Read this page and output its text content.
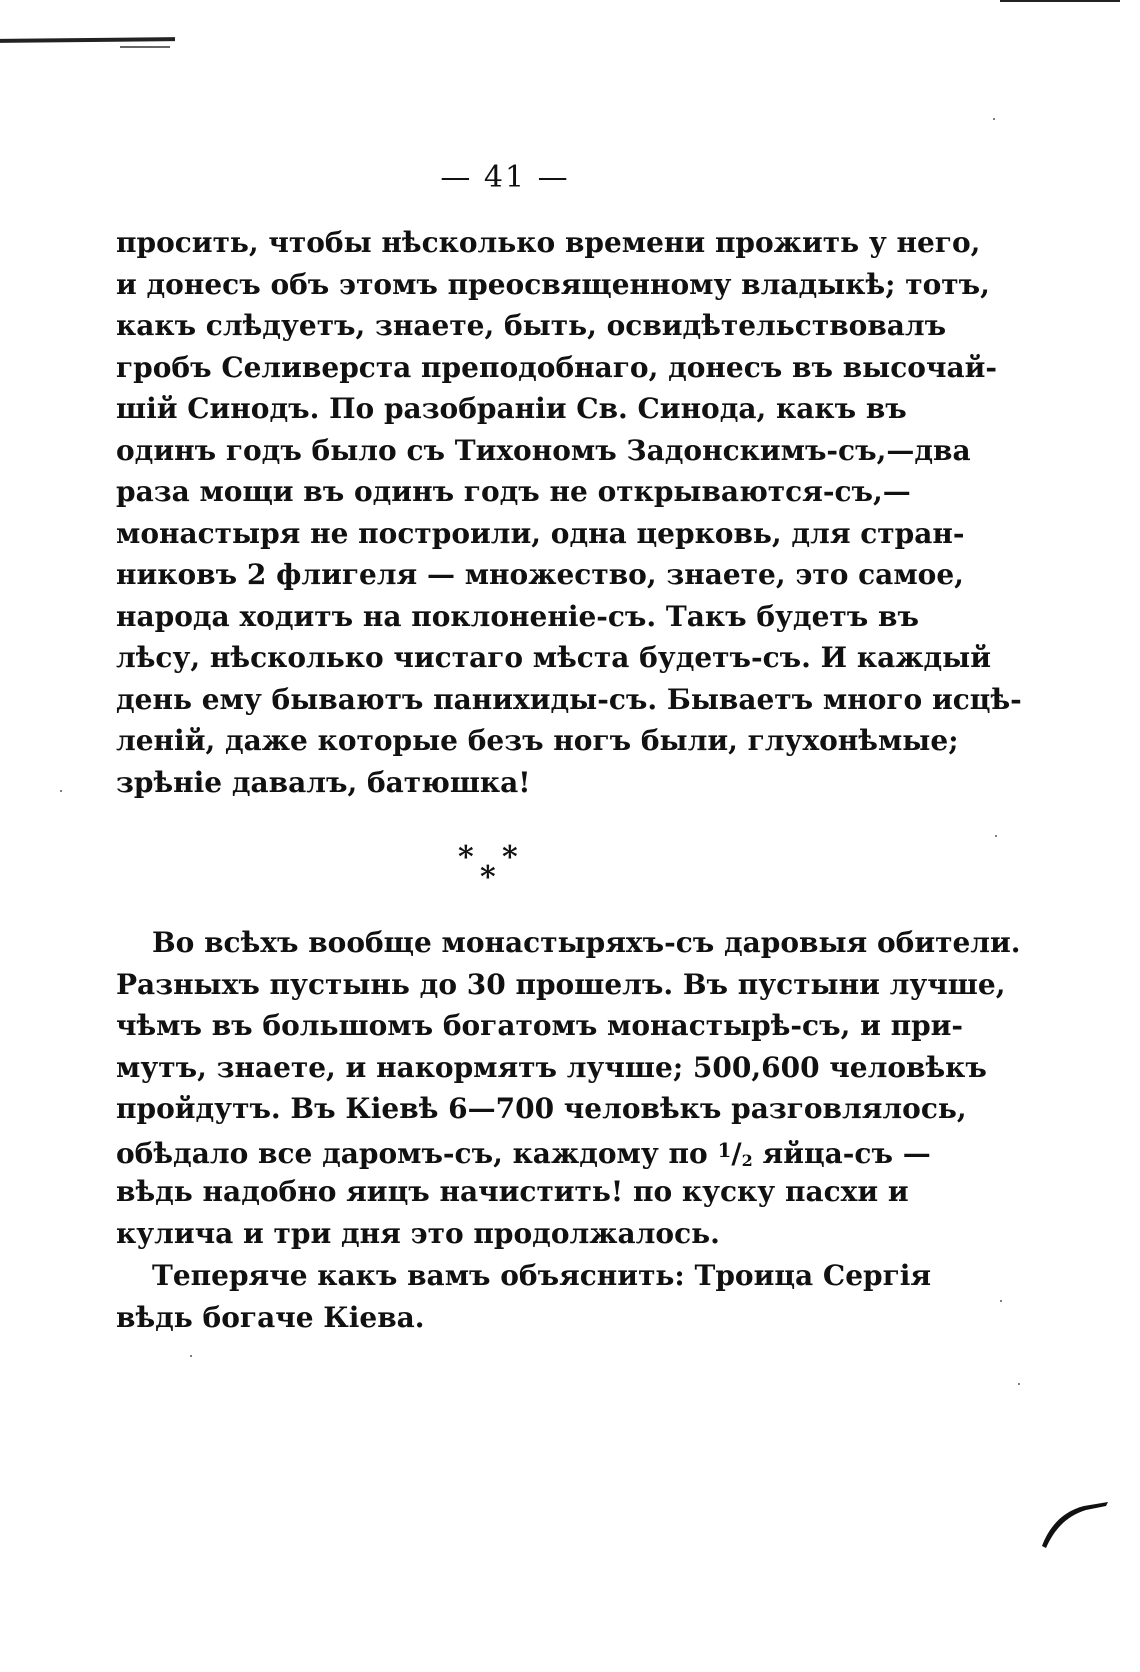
— 41 —
просить, чтобы нѣсколько времени прожить у него,
и донесъ объ этомъ преосвященному владыкѣ; тотъ,
какъ слѣдуетъ, знаете, быть, освидѣтельствовалъ
гробъ Селиверста преподобнаго, донесъ въ высочай-
шій Синодъ. По разобраніи Св. Синода, какъ въ
одинъ годъ было съ Тихономъ Задонскимъ-съ,—два
раза мощи въ одинъ годъ не открываются-съ,—
монастыря не построили, одна церковь, для стран-
никовъ 2 флигеля — множество, знаете, это самое,
народа ходитъ на поклоненіе-съ. Такъ будетъ въ
лѣсу, нѣсколько чистаго мѣста будетъ-съ. И каждый
день ему бываютъ панихиды-съ. Бываетъ много исцѣ-
леній, даже которые безъ ногъ были, глухонѣмые;
зрѣніе давалъ, батюшка!
* *
*
Во всѣхъ вообще монастыряхъ-съ даровыя обители.
Разныхъ пустынь до 30 прошелъ. Въ пустыни лучше,
чѣмъ въ большомъ богатомъ монастырѣ-съ, и при-
мутъ, знаете, и накормятъ лучше; 500,600 человѣкъ
пройдутъ. Въ Кіевѣ 6—700 человѣкъ разговлялось,
обѣдало все даромъ-съ, каждому по $^1$/2 яйца-съ —
вѣдь надобно яицъ начистить! по куску пасхи и
кулича и три дня это продолжалось.
Теперяче какъ вамъ объяснить: Троица Сергія
вѣдь богаче Кіева.
